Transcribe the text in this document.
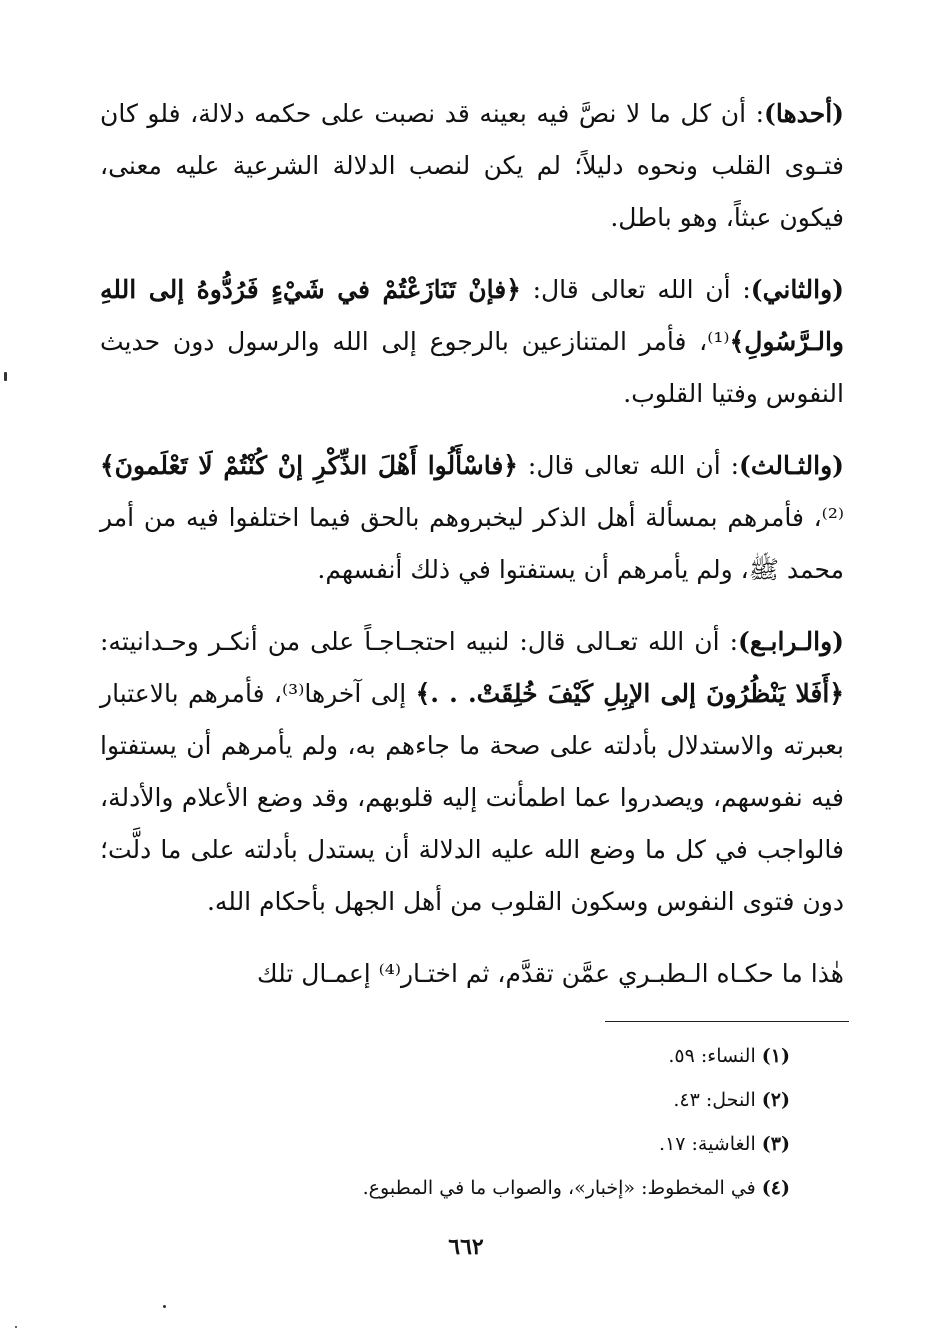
(أحدها): أن كل ما لا نصَّ فيه بعينه قد نصبت على حكمه دلالة، فلو كان فتـوى القلب ونحوه دليلاً؛ لم يكن لنصب الدلالة الشرعية عليه معنى، فيكون عبثاً، وهو باطل.

(والثاني): أن الله تعالى قال: ﴿فإنْ تَنَازَعْتُمْ في شَيْءٍ فَرُدُّوهُ إلى اللهِ والـرَّسُولِ﴾⁽¹⁾، فأمر المتنازعين بالرجوع إلى الله والرسول دون حديث النفوس وفتيا القلوب.

(والثـالث): أن الله تعالى قال: ﴿فاسْأَلُوا أَهْلَ الذِّكْرِ إنْ كُنْتُمْ لَا تَعْلَمونَ﴾⁽²⁾، فأمرهم بمسألة أهل الذكر ليخبروهم بالحق فيما اختلفوا فيه من أمر محمد ﷺ، ولم يأمرهم أن يستفتوا في ذلك أنفسهم.

(والـرابـع): أن الله تعـالى قال: لنبيه احتجـاجـاً على من أنكـر وحـدانيته: ﴿أَفَلا يَنْظُرُونَ إلى الإبِلِ كَيْفَ خُلِقَتْ. . .﴾ إلى آخرها⁽³⁾، فأمرهم بالاعتبار بعبرته والاستدلال بأدلته على صحة ما جاءهم به، ولم يأمرهم أن يستفتوا فيه نفوسهم، ويصدروا عما اطمأنت إليه قلوبهم، وقد وضع الأعلام والأدلة، فالواجب في كل ما وضع الله عليه الدلالة أن يستدل بأدلته على ما دلَّت؛ دون فتوى النفوس وسكون القلوب من أهل الجهل بأحكام الله.

هٰذا ما حكـاه الـطبـري عمَّن تقدَّم، ثم اختـار⁽⁴⁾ إعمـال تلك

(١) النساء: ٥٩.

(٢) النحل: ٤٣.

(٣) الغاشية: ١٧.

(٤) في المخطوط: «إخبار»، والصواب ما في المطبوع.

٦٦٢
